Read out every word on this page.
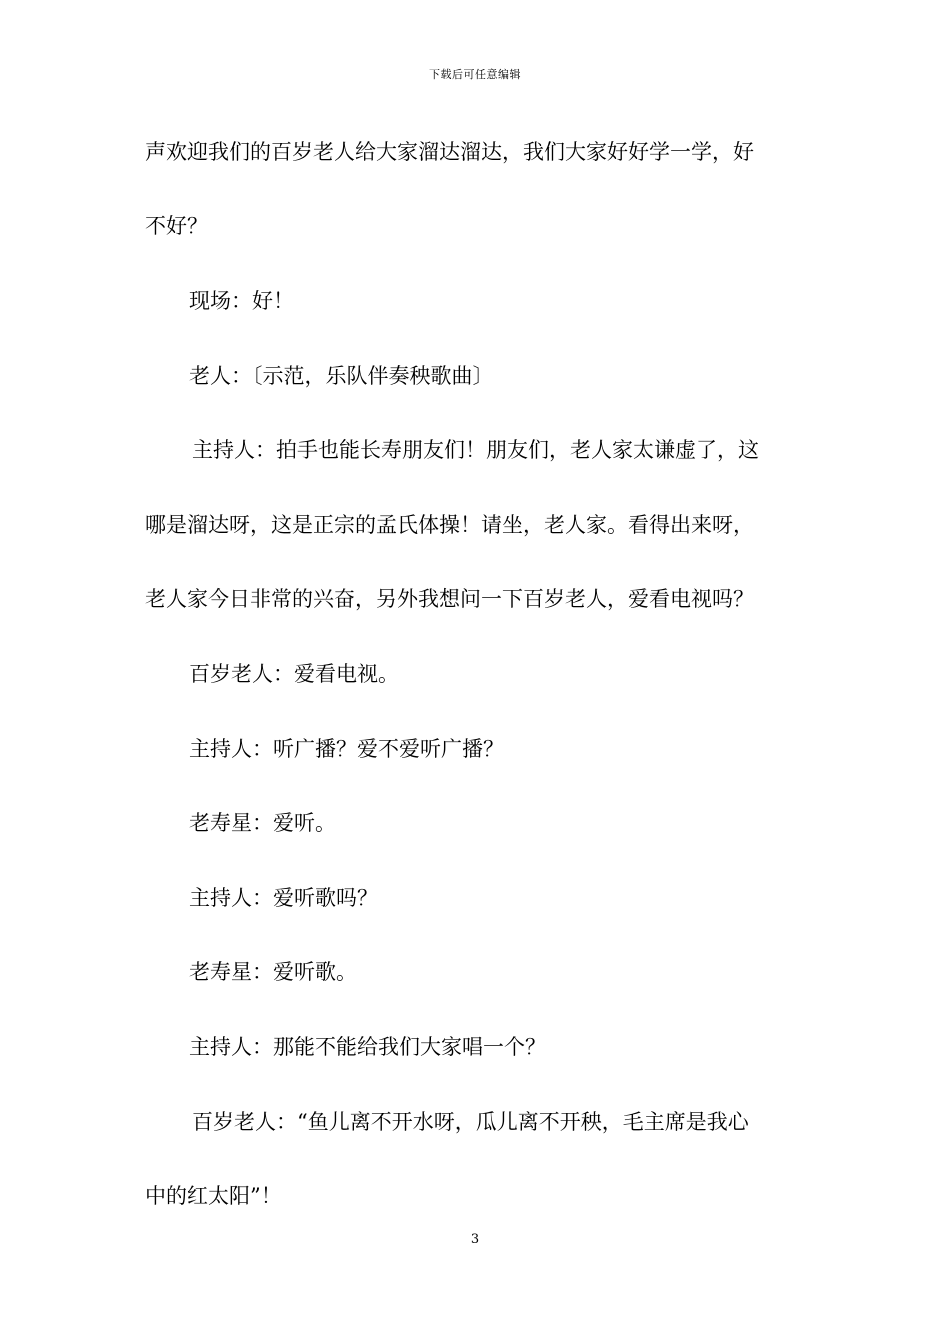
下载后可任意编辑
声欢迎我们的百岁老人给大家溜达溜达，我们大家好好学一学，好
不好？
现场：好！
老人：〔示范，乐队伴奏秧歌曲〕
主持人：拍手也能长寿朋友们！朋友们，老人家太谦虚了，这
哪是溜达呀，这是正宗的孟氏体操！请坐，老人家。看得出来呀，
老人家今日非常的兴奋，另外我想问一下百岁老人，爱看电视吗？
百岁老人：爱看电视。
主持人：听广播？爱不爱听广播？
老寿星：爱听。
主持人：爱听歌吗？
老寿星：爱听歌。
主持人：那能不能给我们大家唱一个？
百岁老人：“鱼儿离不开水呀，瓜儿离不开秧，毛主席是我心
中的红太阳”！
3
